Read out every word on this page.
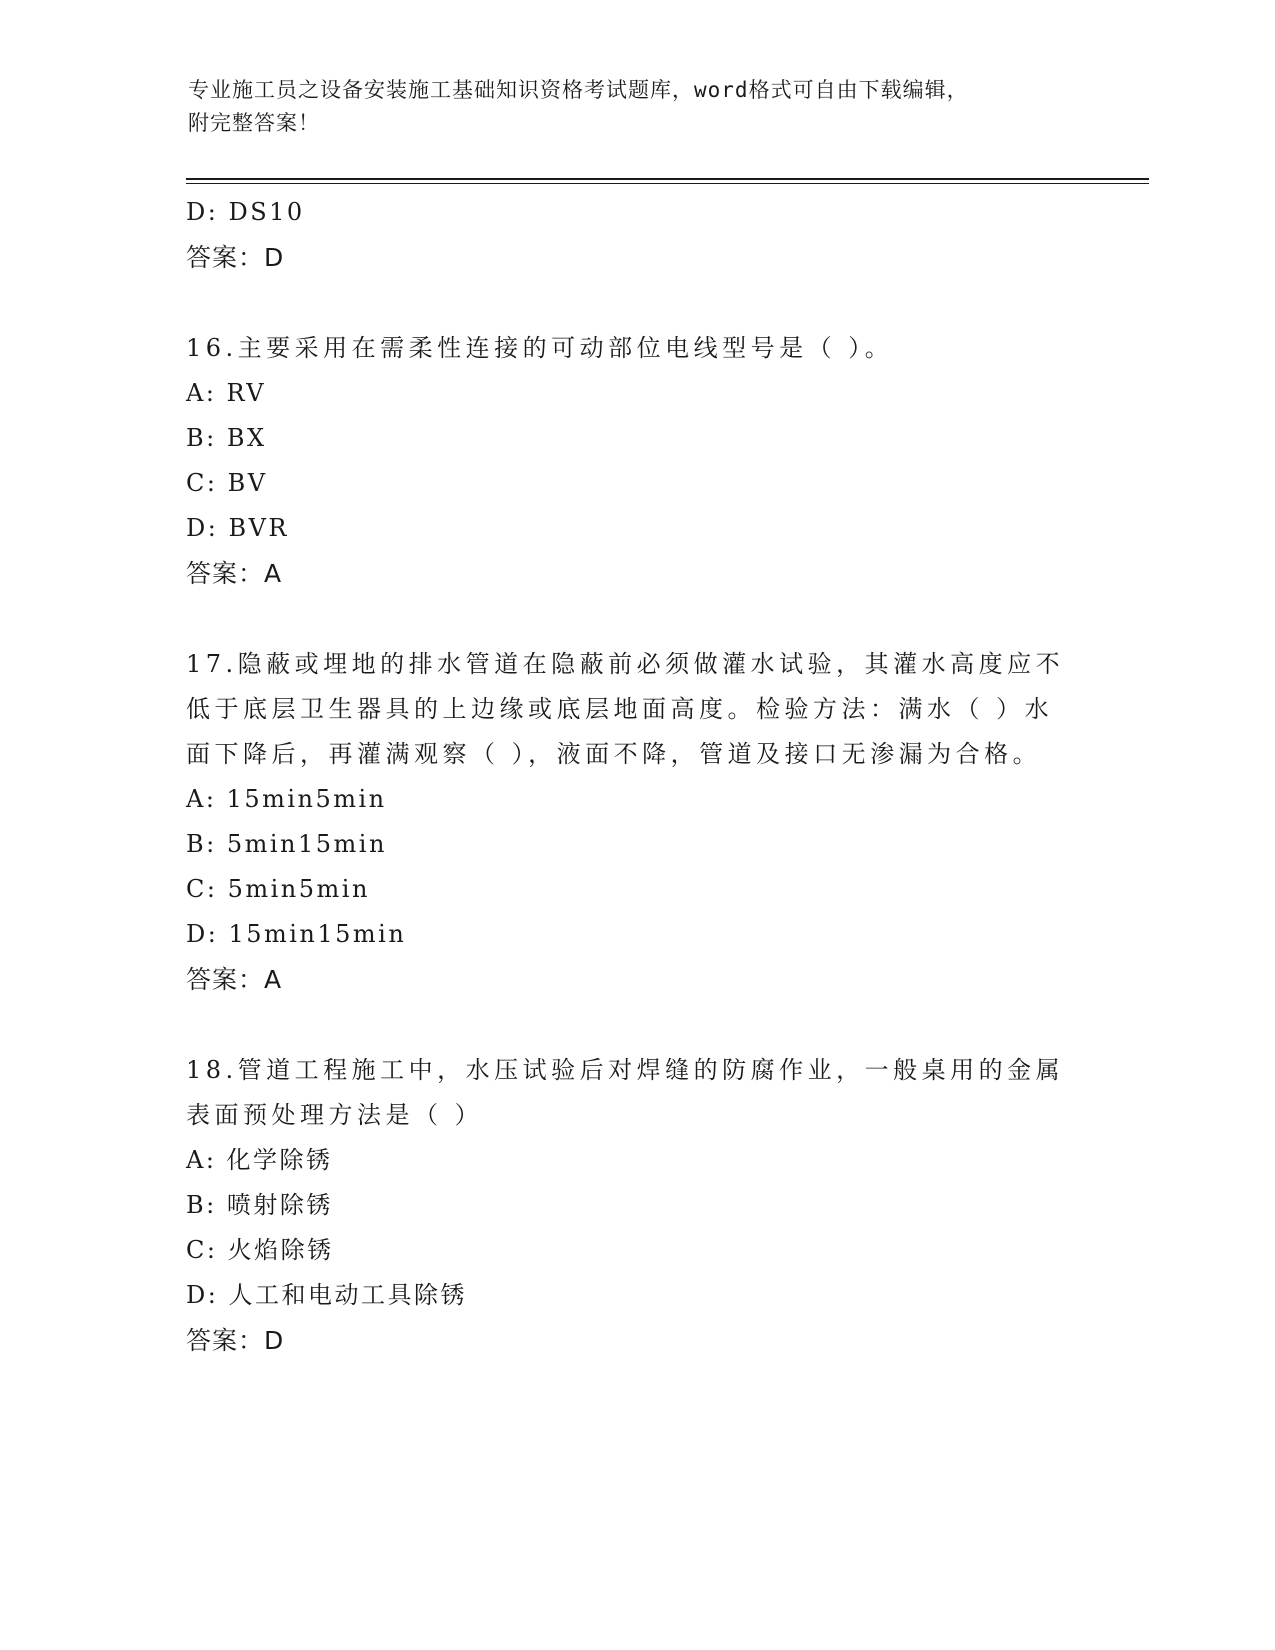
专业施工员之设备安装施工基础知识资格考试题库，word格式可自由下载编辑，
附完整答案！
D: DS10
答案：D
16.主要采用在需柔性连接的可动部位电线型号是（ ）。
A: RV
B: BX
C: BV
D: BVR
答案：A
17.隐蔽或埋地的排水管道在隐蔽前必须做灌水试验，其灌水高度应不
低于底层卫生器具的上边缘或底层地面高度。检验方法：满水（ ）水
面下降后，再灌满观察（ ），液面不降，管道及接口无渗漏为合格。
A: 15min5min
B: 5min15min
C: 5min5min
D: 15min15min
答案：A
18.管道工程施工中，水压试验后对焊缝的防腐作业，一般桌用的金属
表面预处理方法是（ ）
A: 化学除锈
B: 喷射除锈
C: 火焰除锈
D: 人工和电动工具除锈
答案：D
